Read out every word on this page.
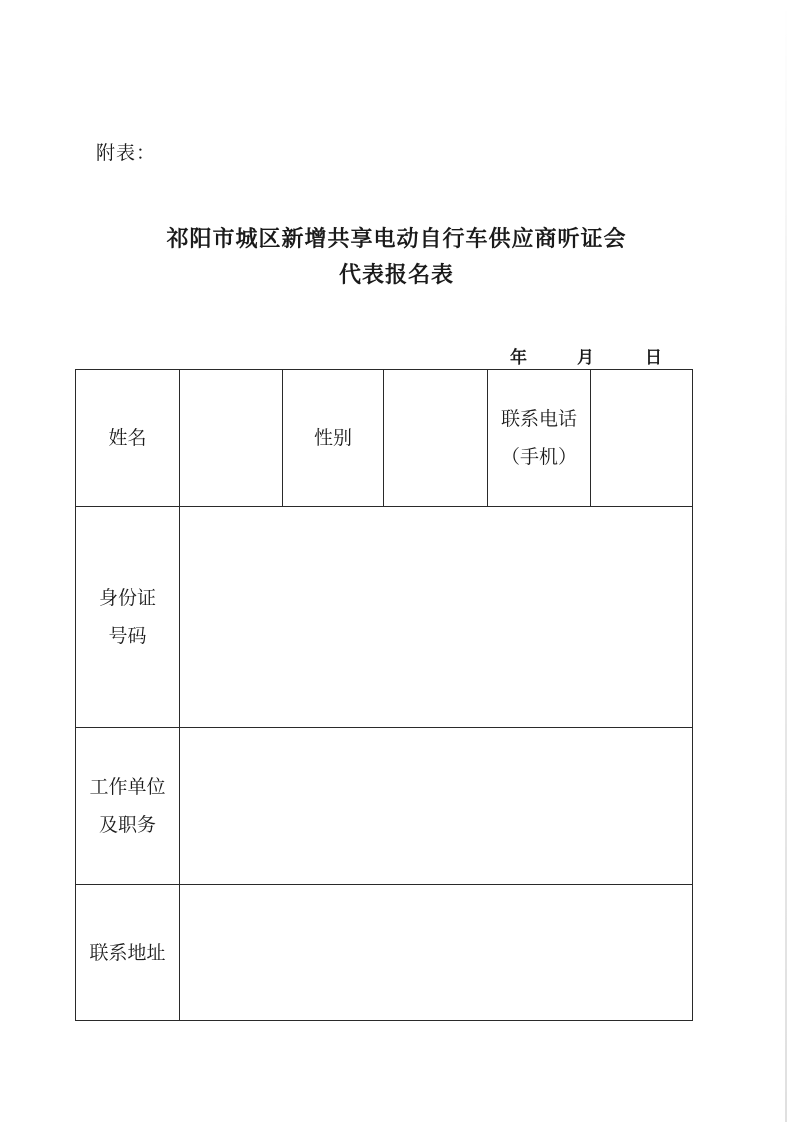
附表：
祁阳市城区新增共享电动自行车供应商听证会
代表报名表
年	月	日
姓名		性别		联系电话
（手机）	

身份证
号码					

工作单位
及职务					

联系地址					
